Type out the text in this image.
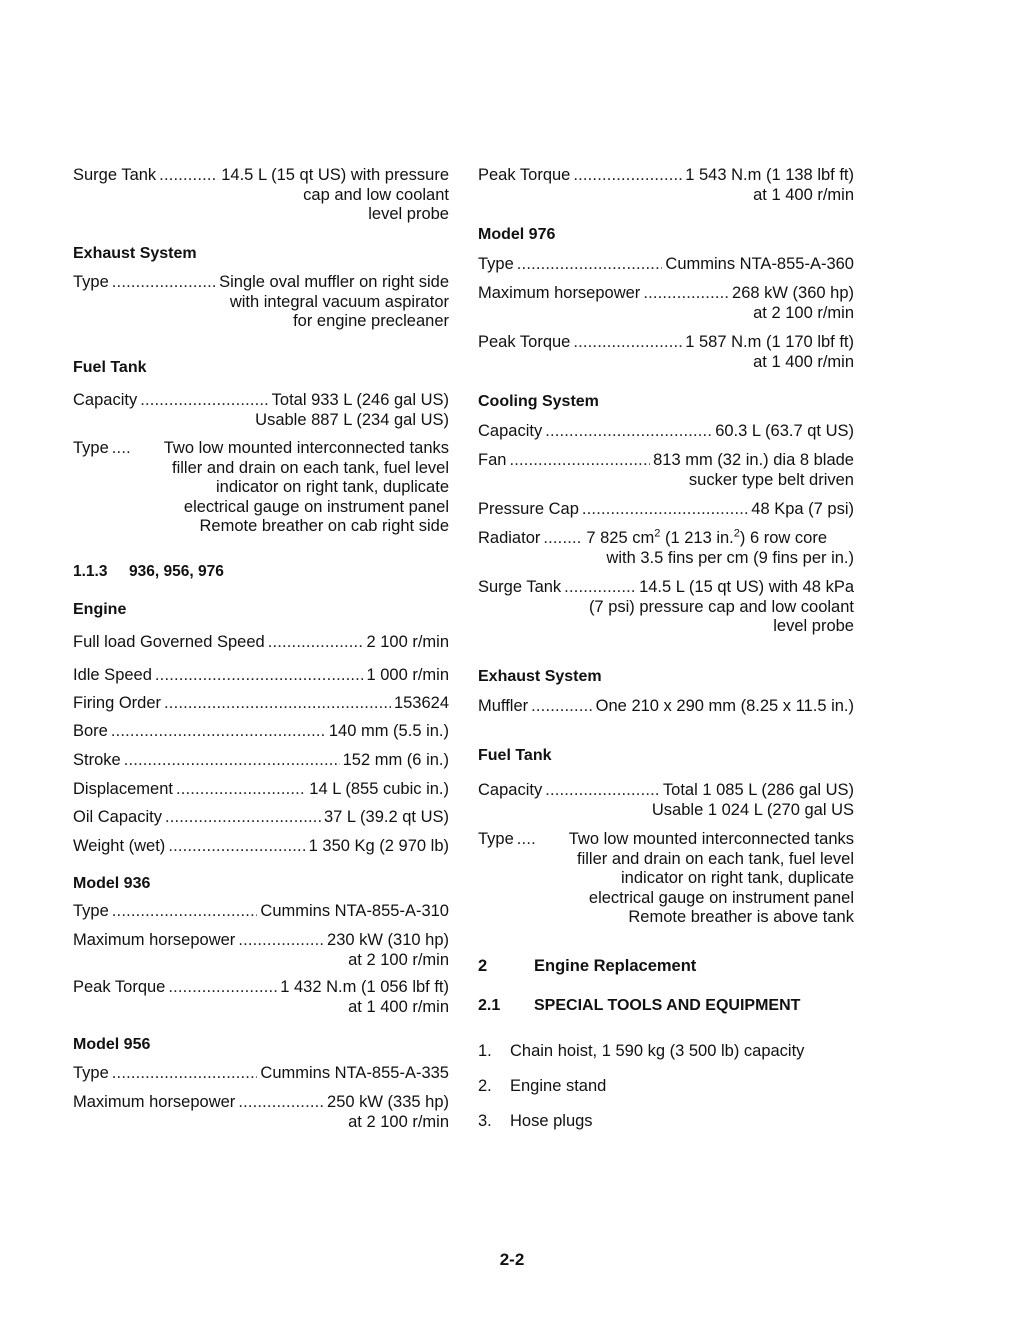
Surge Tank . . .	14.5 L (15 qt US) with pressure
cap and low coolant
level probe
Exhaust System
Type . . .	Single oval muffler on right side
with integral vacuum aspirator
for engine precleaner
Fuel Tank
Capacity . . .	Total 933 L (246 gal US)
Usable 887 L (234 gal US)
Type . . .	Two low mounted interconnected tanks
filler and drain on each tank, fuel level
indicator on right tank, duplicate
electrical gauge on instrument panel
Remote breather on cab right side
1.1.3	936, 956, 976
Engine
Full load Governed Speed . . .	2 100 r/min
Idle Speed . . .	1 000 r/min
Firing Order . . .	153624
Bore . . .	140 mm (5.5 in.)
Stroke . . .	152 mm (6 in.)
Displacement . . .	14 L (855 cubic in.)
Oil Capacity . . .	37 L (39.2 qt US)
Weight (wet) . . .	1 350 Kg (2 970 lb)
Model 936
Type . . .	Cummins NTA-855-A-310
Maximum horsepower . . .	230 kW (310 hp)
at 2 100 r/min
Peak Torque . . .	1 432 N.m (1 056 lbf ft)
at 1 400 r/min
Model 956
Type . . .	Cummins NTA-855-A-335
Maximum horsepower . . .	250 kW (335 hp)
at 2 100 r/min
Peak Torque . . .	1 543 N.m (1 138 lbf ft)
at 1 400 r/min
Model 976
Type . . .	Cummins NTA-855-A-360
Maximum horsepower . . .	268 kW (360 hp)
at 2 100 r/min
Peak Torque . . .	1 587 N.m (1 170 lbf ft)
at 1 400 r/min
Cooling System
Capacity . . .	60.3 L (63.7 qt US)
Fan . . .	813 mm (32 in.) dia 8 blade
sucker type belt driven
Pressure Cap . . .	48 Kpa (7 psi)
Radiator . . .	7 825 $cm^2$ (1 213 in.$^2$) 6 row core
with 3.5 fins per cm (9 fins per in.)
Surge Tank . . .	14.5 L (15 qt US) with 48 kPa
(7 psi) pressure cap and low coolant
level probe
Exhaust System
Muffler . . .	One 210 x 290 mm (8.25 x 11.5 in.)
Fuel Tank
Capacity . . .	Total 1 085 L (286 gal US)
Usable 1 024 L (270 gal US
Type . . .	Two low mounted interconnected tanks
filler and drain on each tank, fuel level
indicator on right tank, duplicate
electrical gauge on instrument panel
Remote breather is above tank
2	Engine Replacement
2.1	SPECIAL TOOLS AND EQUIPMENT
1.	Chain hoist, 1 590 kg (3 500 lb) capacity
2.	Engine stand
3.	Hose plugs
2-2
